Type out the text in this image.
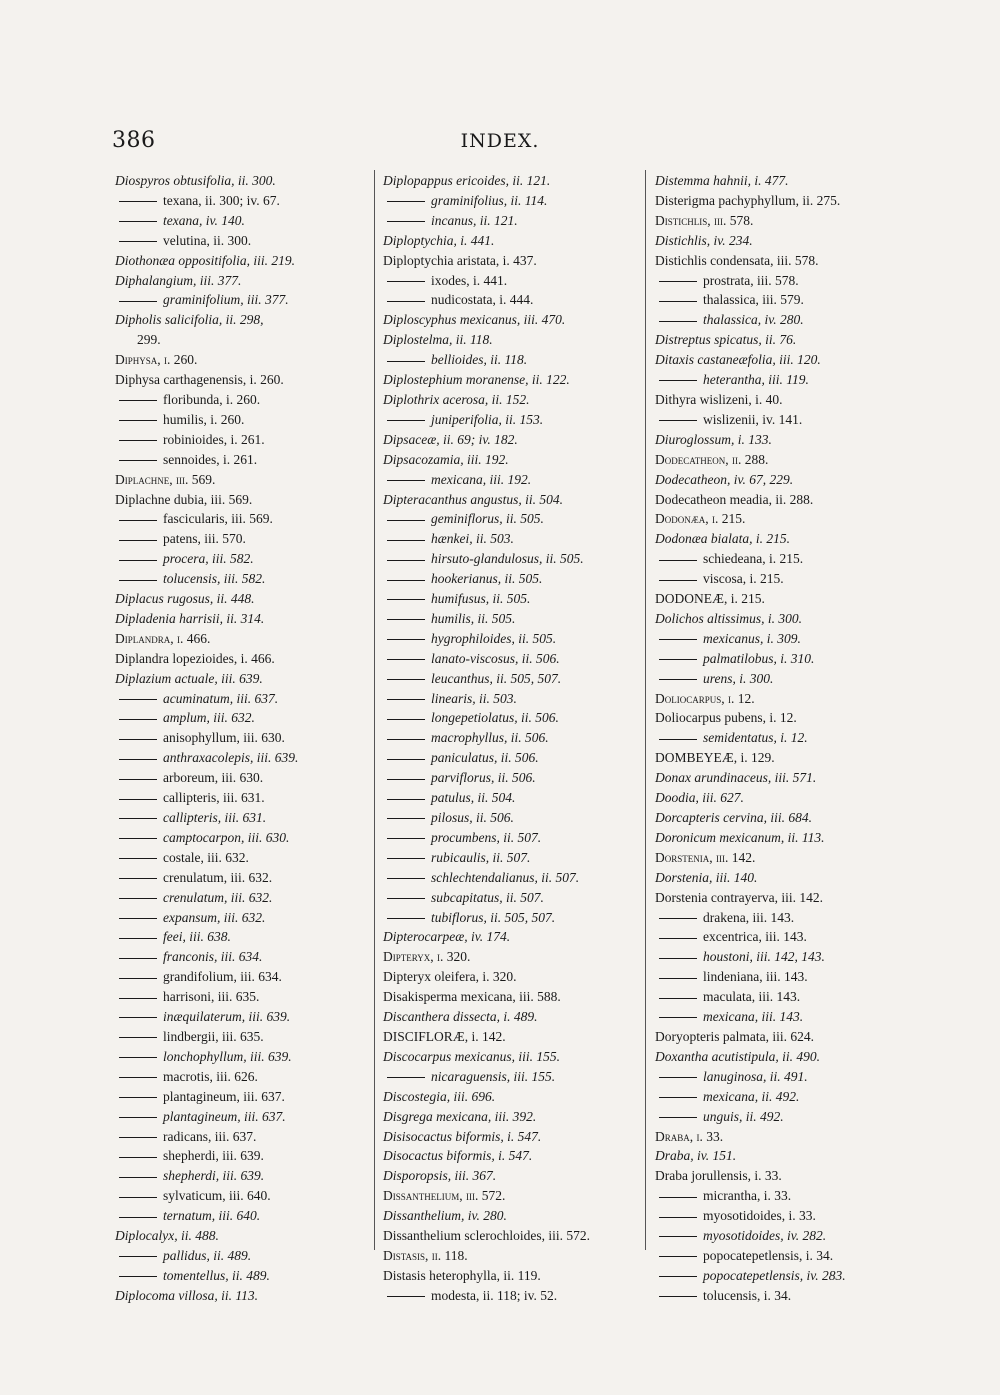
386	INDEX.
Diospyros obtusifolia, ii. 300.
texana, ii. 300; iv. 67.
texana, iv. 140.
velutina, ii. 300.
Diothonæa oppositifolia, iii. 219.
Diphalangium, iii. 377.
graminifolium, iii. 377.
Dipholis salicifolia, ii. 298,
299.
Diphysa, i. 260.
Diphysa carthagenensis, i. 260.
floribunda, i. 260.
humilis, i. 260.
robinioides, i. 261.
sennoides, i. 261.
Diplachne, iii. 569.
Diplachne dubia, iii. 569.
fascicularis, iii. 569.
patens, iii. 570.
procera, iii. 582.
tolucensis, iii. 582.
Diplacus rugosus, ii. 448.
Dipladenia harrisii, ii. 314.
Diplandra, i. 466.
Diplandra lopezioides, i. 466.
Diplazium actuale, iii. 639.
acuminatum, iii. 637.
amplum, iii. 632.
anisophyllum, iii. 630.
anthraxacolepis, iii. 639.
arboreum, iii. 630.
callipteris, iii. 631.
callipteris, iii. 631.
camptocarpon, iii. 630.
costale, iii. 632.
crenulatum, iii. 632.
crenulatum, iii. 632.
expansum, iii. 632.
feei, iii. 638.
franconis, iii. 634.
grandifolium, iii. 634.
harrisoni, iii. 635.
inæquilaterum, iii. 639.
lindbergii, iii. 635.
lonchophyllum, iii. 639.
macrotis, iii. 626.
plantagineum, iii. 637.
plantagineum, iii. 637.
radicans, iii. 637.
shepherdi, iii. 639.
shepherdi, iii. 639.
sylvaticum, iii. 640.
ternatum, iii. 640.
Diplocalyx, ii. 488.
pallidus, ii. 489.
tomentellus, ii. 489.
Diplocoma villosa, ii. 113.
Diplopappus ericoides, ii. 121.
graminifolius, ii. 114.
incanus, ii. 121.
Diploptychia, i. 441.
Diploptychia aristata, i. 437.
ixodes, i. 441.
nudicostata, i. 444.
Diploscyphus mexicanus, iii. 470.
Diplostelma, ii. 118.
bellioides, ii. 118.
Diplostephium moranense, ii. 122.
Diplothrix acerosa, ii. 152.
juniperifolia, ii. 153.
Dipsaceæ, ii. 69; iv. 182.
Dipsacozamia, iii. 192.
mexicana, iii. 192.
Dipteracanthus angustus, ii. 504.
geminiflorus, ii. 505.
hænkei, ii. 503.
hirsuto-glandulosus, ii. 505.
hookerianus, ii. 505.
humifusus, ii. 505.
humilis, ii. 505.
hygrophiloides, ii. 505.
lanato-viscosus, ii. 506.
leucanthus, ii. 505, 507.
linearis, ii. 503.
longepetiolatus, ii. 506.
macrophyllus, ii. 506.
paniculatus, ii. 506.
parviflorus, ii. 506.
patulus, ii. 504.
pilosus, ii. 506.
procumbens, ii. 507.
rubicaulis, ii. 507.
schlechtendalianus, ii. 507.
subcapitatus, ii. 507.
tubiflorus, ii. 505, 507.
Dipterocarpeæ, iv. 174.
Dipteryx, i. 320.
Dipteryx oleifera, i. 320.
Disakisperma mexicana, iii. 588.
Discanthera dissecta, i. 489.
DISCIFLORÆ, i. 142.
Discocarpus mexicanus, iii. 155.
nicaraguensis, iii. 155.
Discostegia, iii. 696.
Disgrega mexicana, iii. 392.
Disisocactus biformis, i. 547.
Disocactus biformis, i. 547.
Disporopsis, iii. 367.
Dissanthelium, iii. 572.
Dissanthelium, iv. 280.
Dissanthelium sclerochloides, iii. 572.
Distasis, ii. 118.
Distasis heterophylla, ii. 119.
modesta, ii. 118; iv. 52.
Distemma hahnii, i. 477.
Disterigma pachyphyllum, ii. 275.
Distichlis, iii. 578.
Distichlis, iv. 234.
Distichlis condensata, iii. 578.
prostrata, iii. 578.
thalassica, iii. 579.
thalassica, iv. 280.
Distreptus spicatus, ii. 76.
Ditaxis castaneæfolia, iii. 120.
heterantha, iii. 119.
Dithyra wislizeni, i. 40.
wislizenii, iv. 141.
Diuroglossum, i. 133.
Dodecatheon, ii. 288.
Dodecatheon, iv. 67, 229.
Dodecatheon meadia, ii. 288.
Dodonæa, i. 215.
Dodonæa bialata, i. 215.
schiedeana, i. 215.
viscosa, i. 215.
DODONEÆ, i. 215.
Dolichos altissimus, i. 300.
mexicanus, i. 309.
palmatilobus, i. 310.
urens, i. 300.
Doliocarpus, i. 12.
Doliocarpus pubens, i. 12.
semidentatus, i. 12.
DOMBEYEÆ, i. 129.
Donax arundinaceus, iii. 571.
Doodia, iii. 627.
Dorcapteris cervina, iii. 684.
Doronicum mexicanum, ii. 113.
Dorstenia, iii. 142.
Dorstenia, iii. 140.
Dorstenia contrayerva, iii. 142.
drakena, iii. 143.
excentrica, iii. 143.
houstoni, iii. 142, 143.
lindeniana, iii. 143.
maculata, iii. 143.
mexicana, iii. 143.
Doryopteris palmata, iii. 624.
Doxantha acutistipula, ii. 490.
lanuginosa, ii. 491.
mexicana, ii. 492.
unguis, ii. 492.
Draba, i. 33.
Draba, iv. 151.
Draba jorullensis, i. 33.
micrantha, i. 33.
myosotidoides, i. 33.
myosotidoides, iv. 282.
popocatepetlensis, i. 34.
popocatepetlensis, iv. 283.
tolucensis, i. 34.
